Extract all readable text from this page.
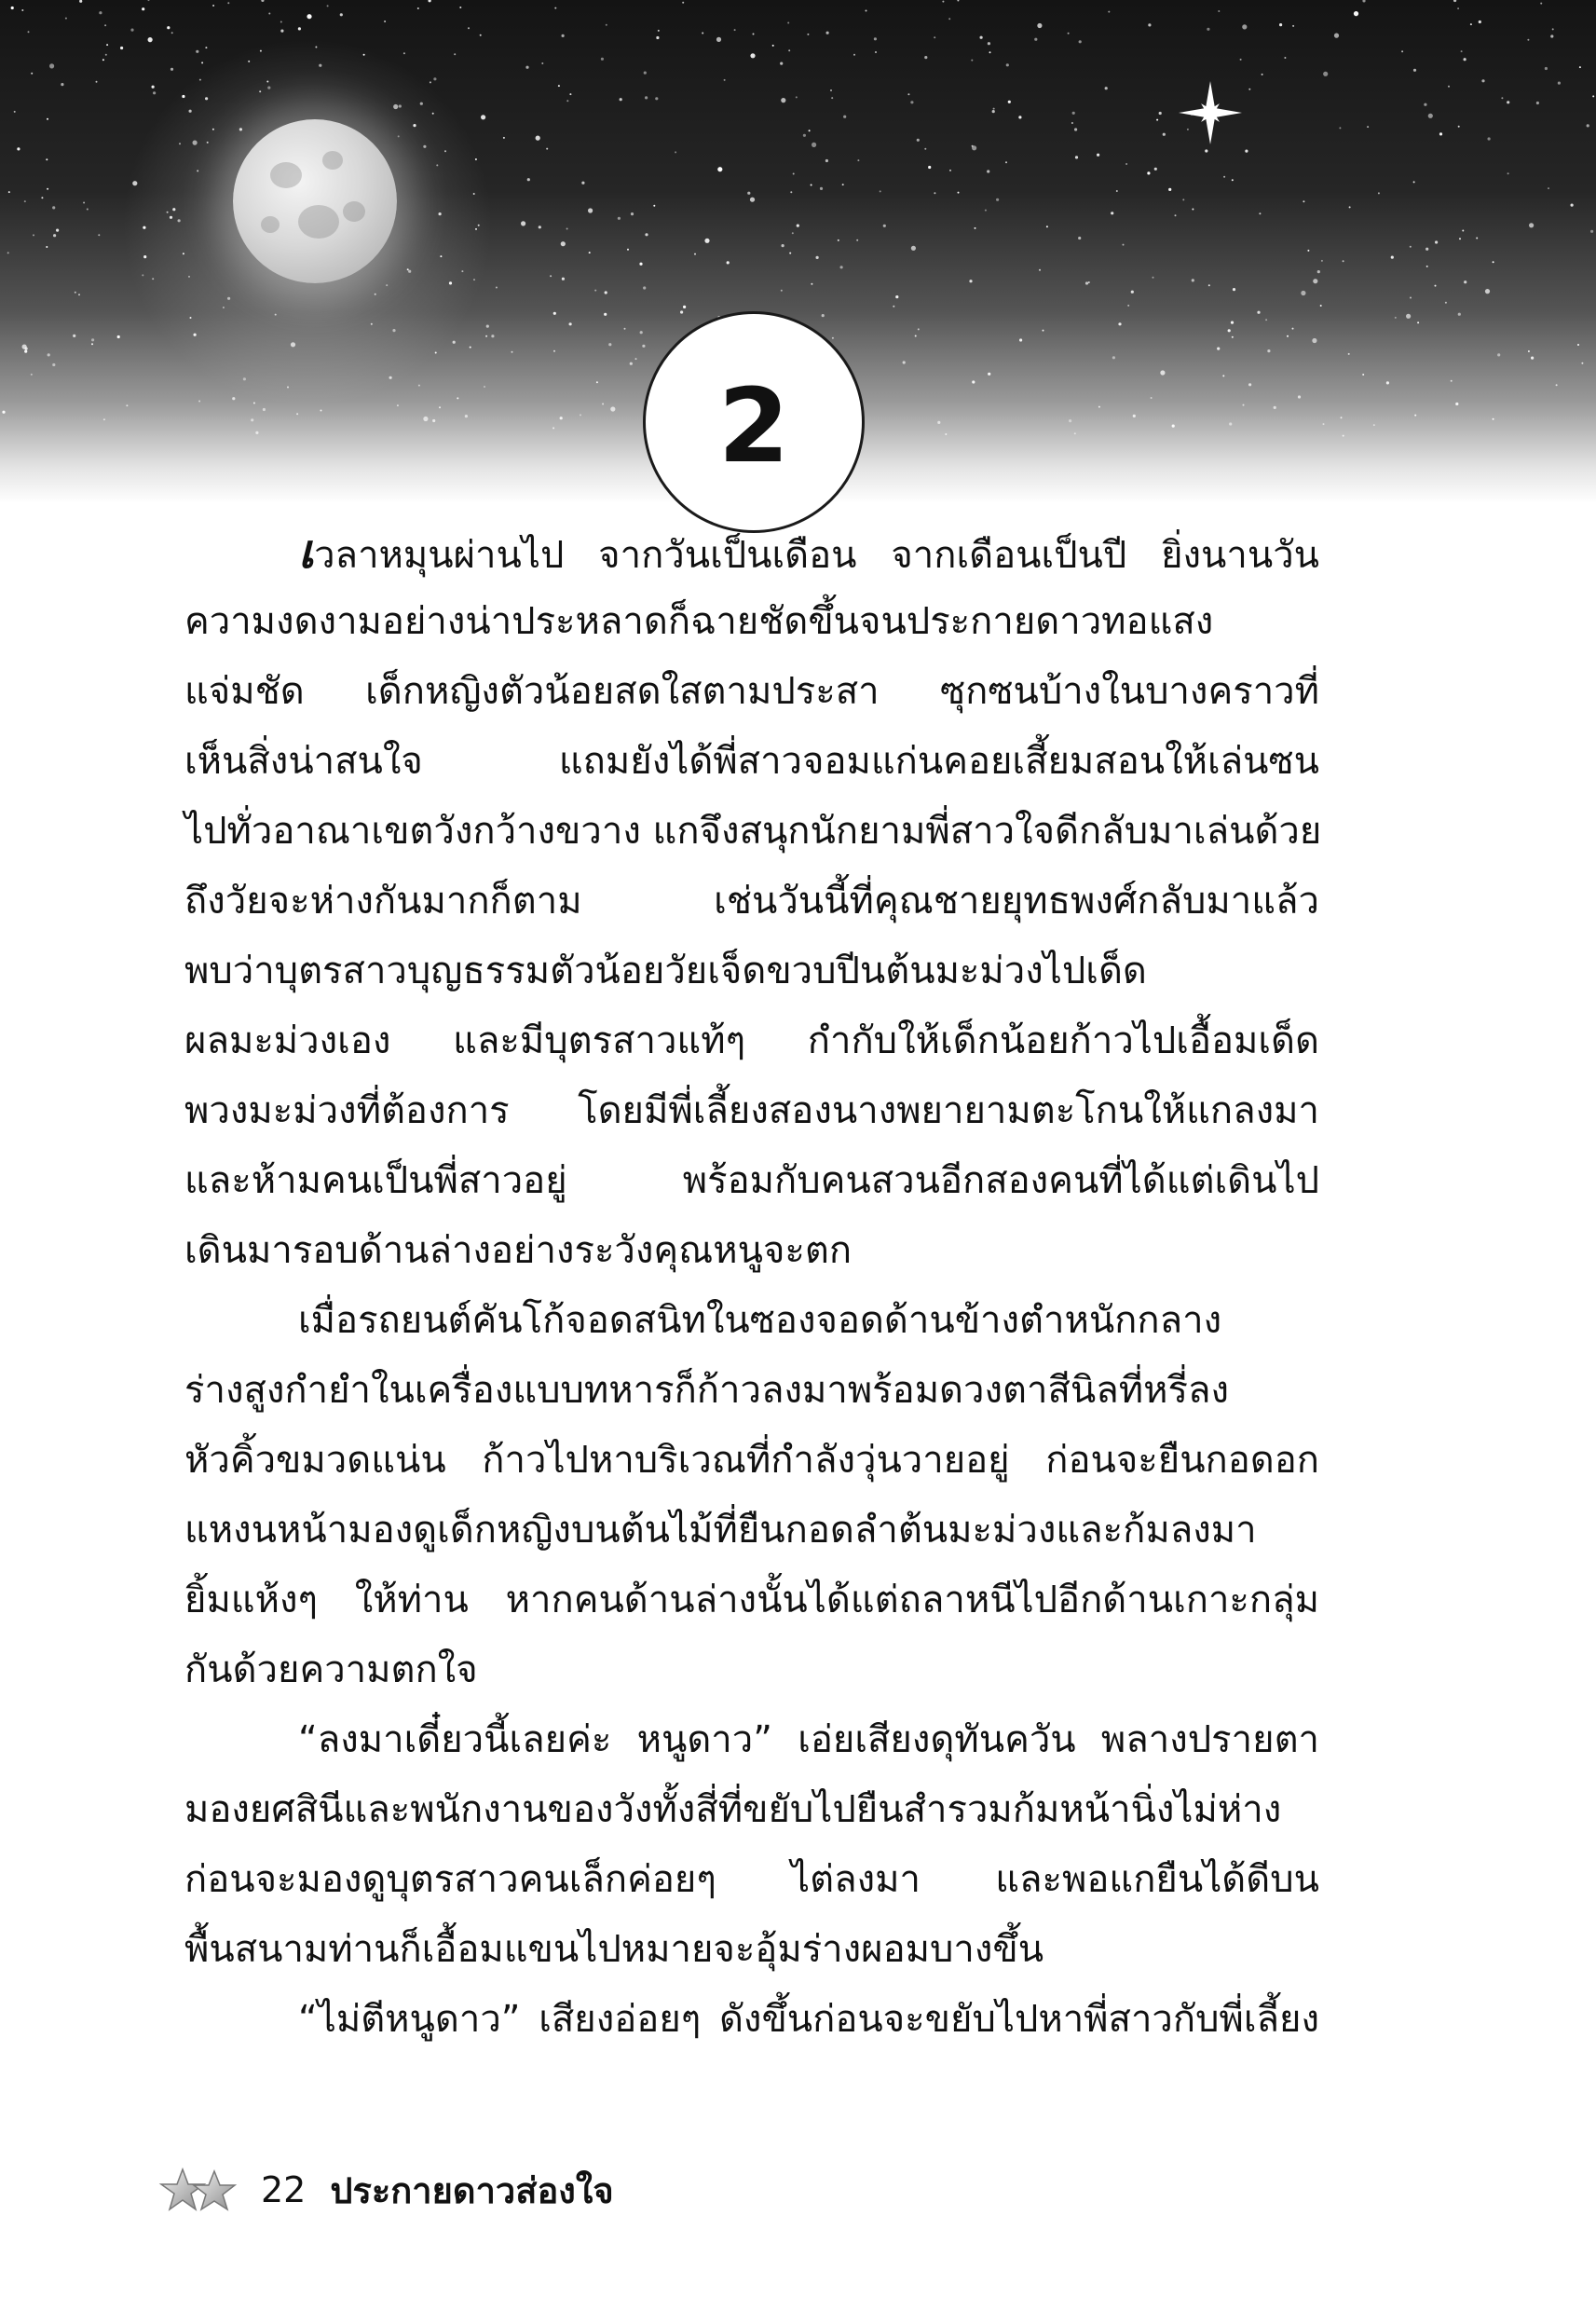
2
เวลาหมุนผ่านไป จากวันเป็นเดือน จากเดือนเป็นปี ยิ่งนานวัน
ความงดงามอย่างน่าประหลาดก็ฉายชัดขึ้นจนประกายดาวทอแสง
แจ่มชัด เด็กหญิงตัวน้อยสดใสตามประสา ซุกซนบ้างในบางคราวที่
เห็นสิ่งน่าสนใจ แถมยังได้พี่สาวจอมแก่นคอยเสี้ยมสอนให้เล่นซน
ไปทั่วอาณาเขตวังกว้างขวาง แกจึงสนุกนักยามพี่สาวใจดีกลับมาเล่นด้วย
ถึงวัยจะห่างกันมากก็ตาม เช่นวันนี้ที่คุณชายยุทธพงศ์กลับมาแล้ว
พบว่าบุตรสาวบุญธรรมตัวน้อยวัยเจ็ดขวบปีนต้นมะม่วงไปเด็ด
ผลมะม่วงเอง และมีบุตรสาวแท้ๆ กำกับให้เด็กน้อยก้าวไปเอื้อมเด็ด
พวงมะม่วงที่ต้องการ โดยมีพี่เลี้ยงสองนางพยายามตะโกนให้แกลงมา
และห้ามคนเป็นพี่สาวอยู่ พร้อมกับคนสวนอีกสองคนที่ได้แต่เดินไป
เดินมารอบด้านล่างอย่างระวังคุณหนูจะตก
เมื่อรถยนต์คันโก้จอดสนิทในซองจอดด้านข้างตำหนักกลาง
ร่างสูงกำยำในเครื่องแบบทหารก็ก้าวลงมาพร้อมดวงตาสีนิลที่หรี่ลง
หัวคิ้วขมวดแน่น ก้าวไปหาบริเวณที่กำลังวุ่นวายอยู่ ก่อนจะยืนกอดอก
แหงนหน้ามองดูเด็กหญิงบนต้นไม้ที่ยืนกอดลำต้นมะม่วงและก้มลงมา
ยิ้มแห้งๆ ให้ท่าน หากคนด้านล่างนั้นได้แต่ถลาหนีไปอีกด้านเกาะกลุ่ม
กันด้วยความตกใจ
“ลงมาเดี๋ยวนี้เลยค่ะ หนูดาว” เอ่ยเสียงดุทันควัน พลางปรายตา
มองยศสินีและพนักงานของวังทั้งสี่ที่ขยับไปยืนสำรวมก้มหน้านิ่งไม่ห่าง
ก่อนจะมองดูบุตรสาวคนเล็กค่อยๆ ไต่ลงมา และพอแกยืนได้ดีบน
พื้นสนามท่านก็เอื้อมแขนไปหมายจะอุ้มร่างผอมบางขึ้น
“ไม่ตีหนูดาว” เสียงอ่อยๆ ดังขึ้นก่อนจะขยับไปหาพี่สาวกับพี่เลี้ยง
22 ประกายดาวส่องใจ
